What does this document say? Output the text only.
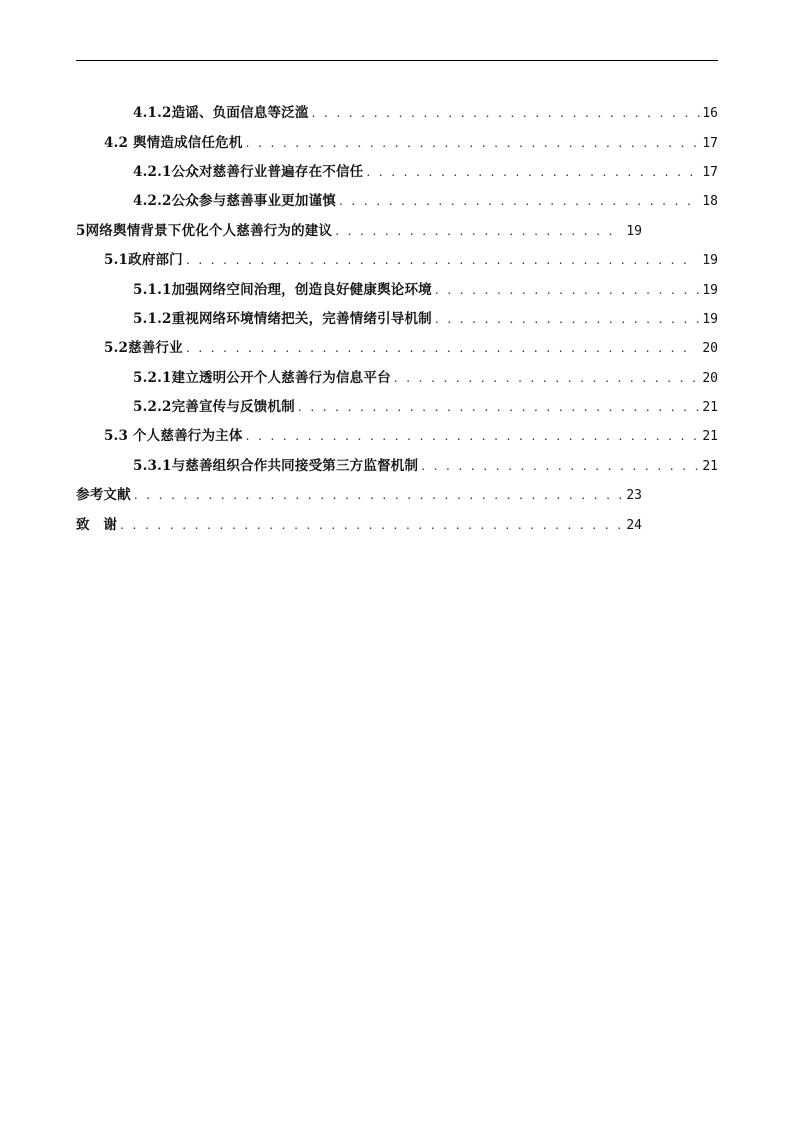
4.1.2造谣、负面信息等泛滥 . . .	16
4.2 舆情造成信任危机 . . .	17
4.2.1公众对慈善行业普遍存在不信任 . . .	17
4.2.2公众参与慈善事业更加谨慎 . . .	18
5网络舆情背景下优化个人慈善行为的建议 . . .	19
5.1政府部门 . . .	19
5.1.1加强网络空间治理，创造良好健康舆论环境 . . .	19
5.1.2重视网络环境情绪把关，完善情绪引导机制 . . .	19
5.2慈善行业 . . .	20
5.2.1建立透明公开个人慈善行为信息平台 . . .	20
5.2.2完善宣传与反馈机制 . . .	21
5.3 个人慈善行为主体 . . .	21
5.3.1与慈善组织合作共同接受第三方监督机制 . . .	21
参考文献 . . .	23
致　谢 . . .	24
